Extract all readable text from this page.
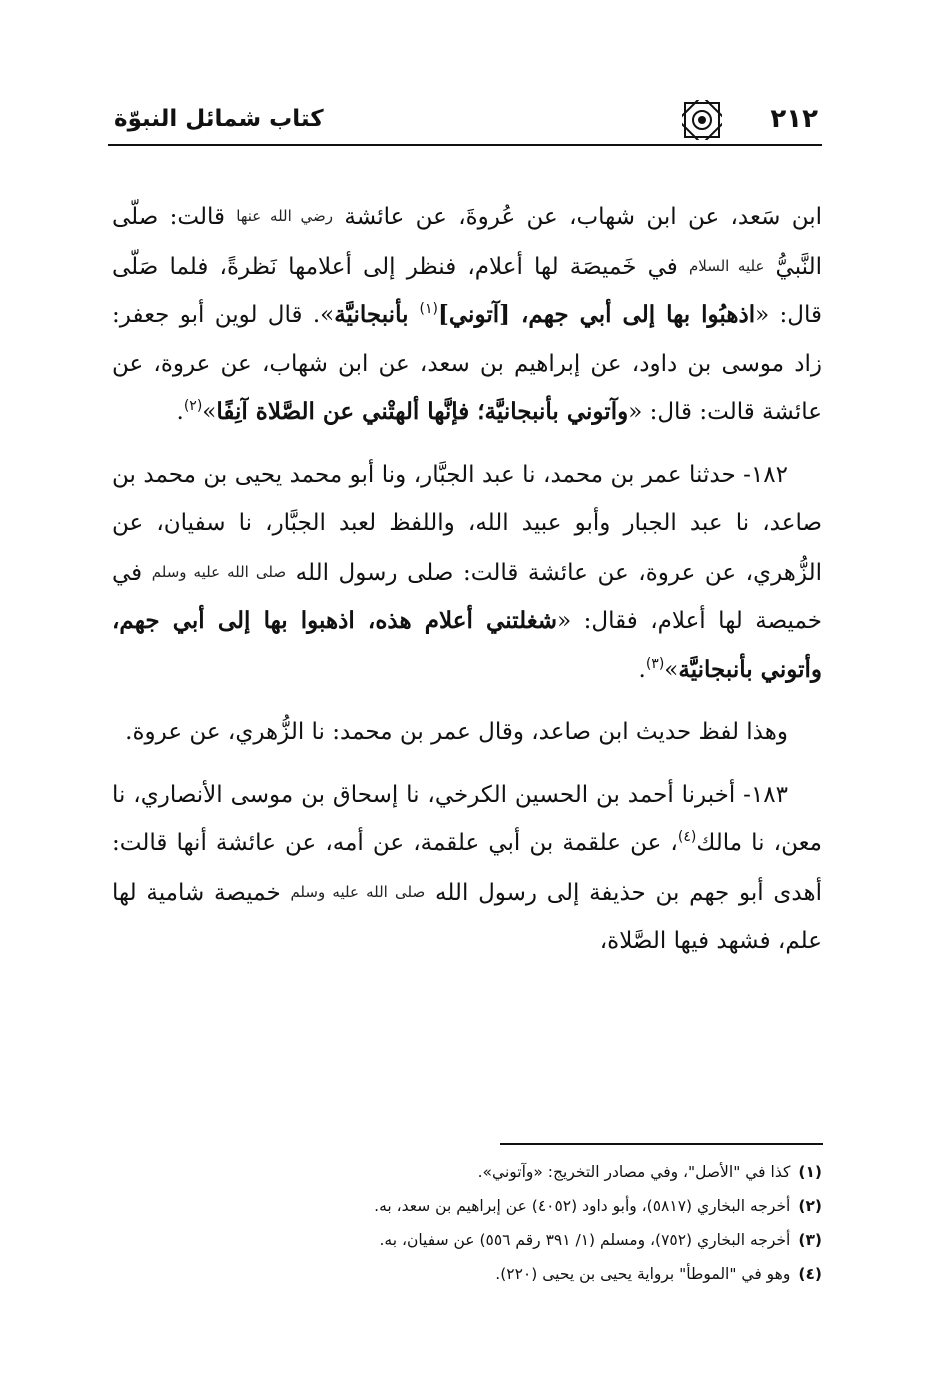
٢١٢
كتاب شمائل النبوّة

ابن سَعد، عن ابن شهاب، عن عُروةَ، عن عائشة رضي الله عنها قالت: صلّى النَّبيُّ عليه السلام في خَميصَة لها أعلام، فنظر إلى أعلامها نَظرةً، فلما صَلّى قال: «اذهبُوا بها إلى أبي جهم، [آتوني]$^{(١)}$ بأنبجانيَّة». قال لوين أبو جعفر: زاد موسى بن داود، عن إبراهيم بن سعد، عن ابن شهاب، عن عروة، عن عائشة قالت: قال: «وآتوني بأنبجانيَّة؛ فإنَّها ألهتْني عن الصَّلاة آنِفًا»$^{(٢)}$.

١٨٢- حدثنا عمر بن محمد، نا عبد الجبَّار، ونا أبو محمد يحيى بن محمد بن صاعد، نا عبد الجبار وأبو عبيد الله، واللفظ لعبد الجبَّار، نا سفيان، عن الزُّهري، عن عروة، عن عائشة قالت: صلى رسول الله صلى الله عليه وسلم في خميصة لها أعلام، فقال: «شغلتني أعلام هذه، اذهبوا بها إلى أبي جهم، وأتوني بأنبجانيَّة»$^{(٣)}$.

وهذا لفظ حديث ابن صاعد، وقال عمر بن محمد: نا الزُّهري، عن عروة.

١٨٣- أخبرنا أحمد بن الحسين الكرخي، نا إسحاق بن موسى الأنصاري، نا معن، نا مالك$^{(٤)}$، عن علقمة بن أبي علقمة، عن أمه، عن عائشة أنها قالت: أهدى أبو جهم بن حذيفة إلى رسول الله صلى الله عليه وسلم خميصة شامية لها علم، فشهد فيها الصَّلاة،

(١)كذا في "الأصل"، وفي مصادر التخريج: «وآتوني».

(٢)أخرجه البخاري (٥٨١٧)، وأبو داود (٤٠٥٢) عن إبراهيم بن سعد، به.

(٣)أخرجه البخاري (٧٥٢)، ومسلم (١/ ٣٩١ رقم ٥٥٦) عن سفيان، به.

(٤)وهو في "الموطأ" برواية يحيى بن يحيى (٢٢٠).
